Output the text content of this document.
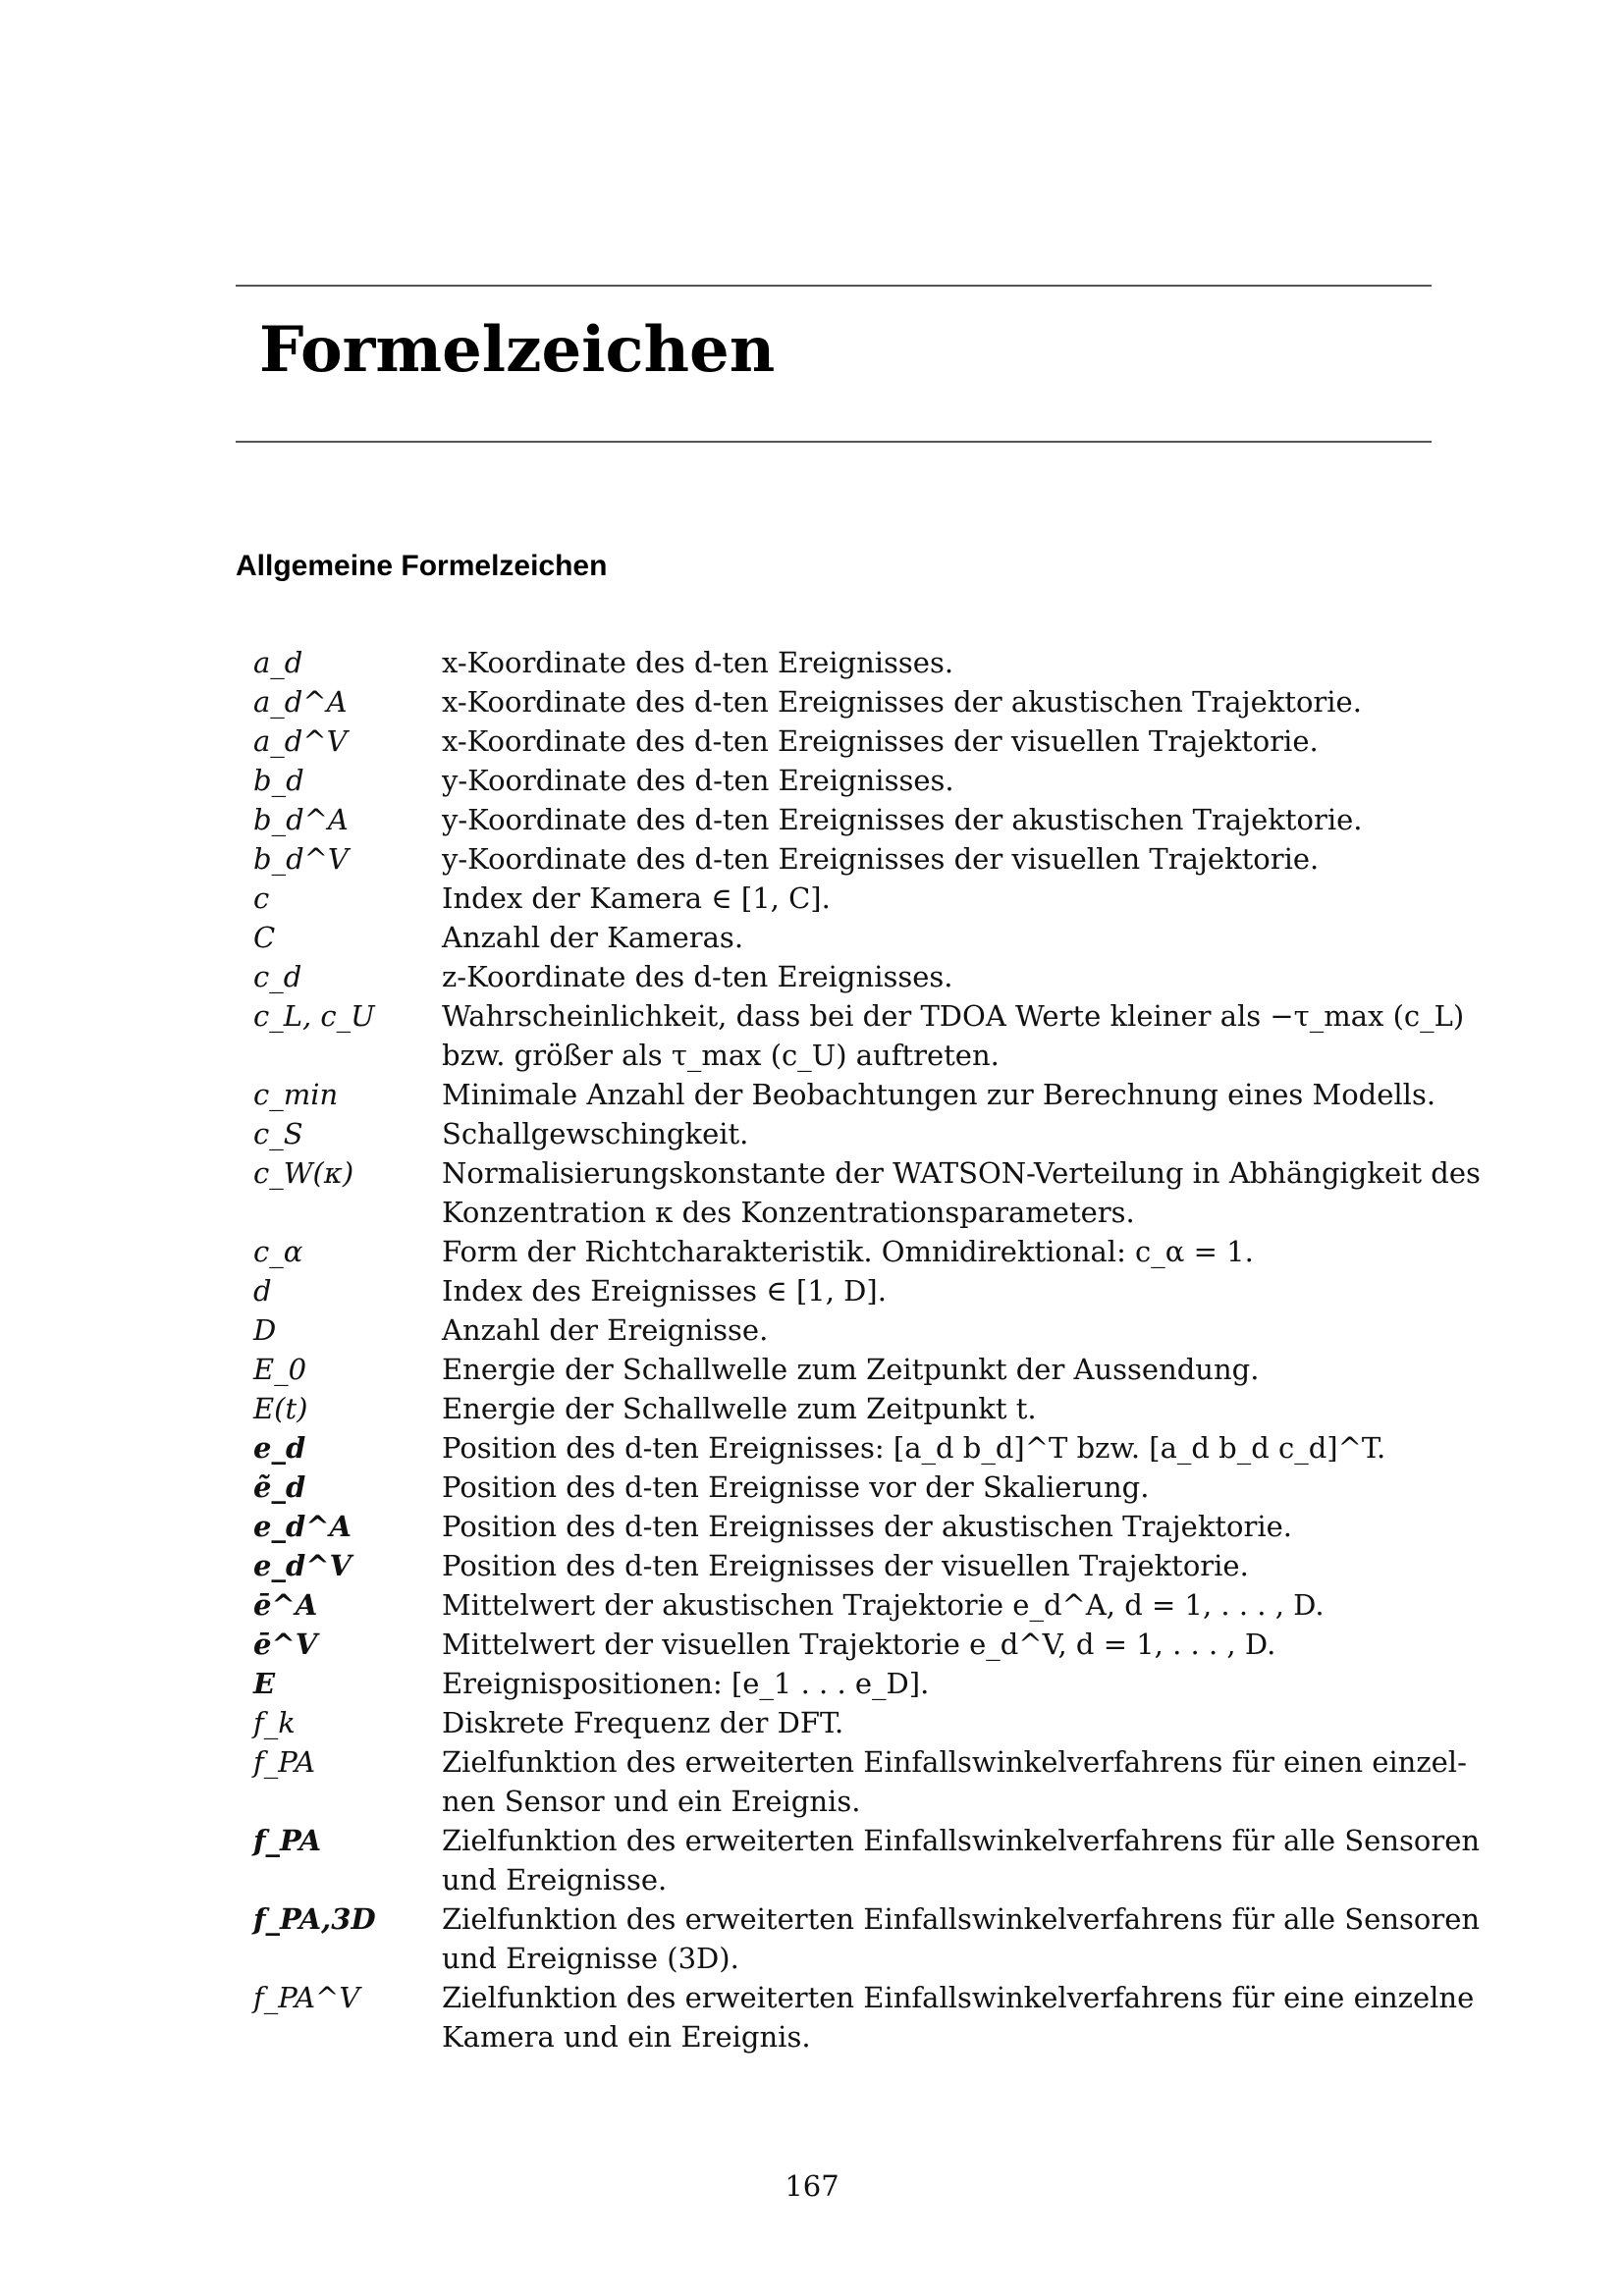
Formelzeichen
Allgemeine Formelzeichen
a_d	x-Koordinate des d-ten Ereignisses.
a_d^A	x-Koordinate des d-ten Ereignisses der akustischen Trajektorie.
a_d^V	x-Koordinate des d-ten Ereignisses der visuellen Trajektorie.
b_d	y-Koordinate des d-ten Ereignisses.
b_d^A	y-Koordinate des d-ten Ereignisses der akustischen Trajektorie.
b_d^V	y-Koordinate des d-ten Ereignisses der visuellen Trajektorie.
c	Index der Kamera ∈ [1, C].
C	Anzahl der Kameras.
c_d	z-Koordinate des d-ten Ereignisses.
c_L, c_U	Wahrscheinlichkeit, dass bei der TDOA Werte kleiner als −τ_max (c_L)
bzw. größer als τ_max (c_U) auftreten.
c_min	Minimale Anzahl der Beobachtungen zur Berechnung eines Modells.
c_S	Schallgewschingkeit.
c_W(κ)	Normalisierungskonstante der WATSON-Verteilung in Abhängigkeit des
Konzentration κ des Konzentrationsparameters.
c_α	Form der Richtcharakteristik. Omnidirektional: c_α = 1.
d	Index des Ereignisses ∈ [1, D].
D	Anzahl der Ereignisse.
E_0	Energie der Schallwelle zum Zeitpunkt der Aussendung.
E(t)	Energie der Schallwelle zum Zeitpunkt t.
e_d	Position des d-ten Ereignisses: [a_d b_d]^T bzw. [a_d b_d c_d]^T.
ẽ_d	Position des d-ten Ereignisse vor der Skalierung.
e_d^A	Position des d-ten Ereignisses der akustischen Trajektorie.
e_d^V	Position des d-ten Ereignisses der visuellen Trajektorie.
ē^A	Mittelwert der akustischen Trajektorie e_d^A, d = 1, . . . , D.
ē^V	Mittelwert der visuellen Trajektorie e_d^V, d = 1, . . . , D.
E	Ereignispositionen: [e_1 . . . e_D].
f_k	Diskrete Frequenz der DFT.
f_PA	Zielfunktion des erweiterten Einfallswinkelverfahrens für einen einzel-
nen Sensor und ein Ereignis.
f_PA	Zielfunktion des erweiterten Einfallswinkelverfahrens für alle Sensoren
und Ereignisse.
f_PA,3D	Zielfunktion des erweiterten Einfallswinkelverfahrens für alle Sensoren
und Ereignisse (3D).
f_PA^V	Zielfunktion des erweiterten Einfallswinkelverfahrens für eine einzelne
Kamera und ein Ereignis.
167
